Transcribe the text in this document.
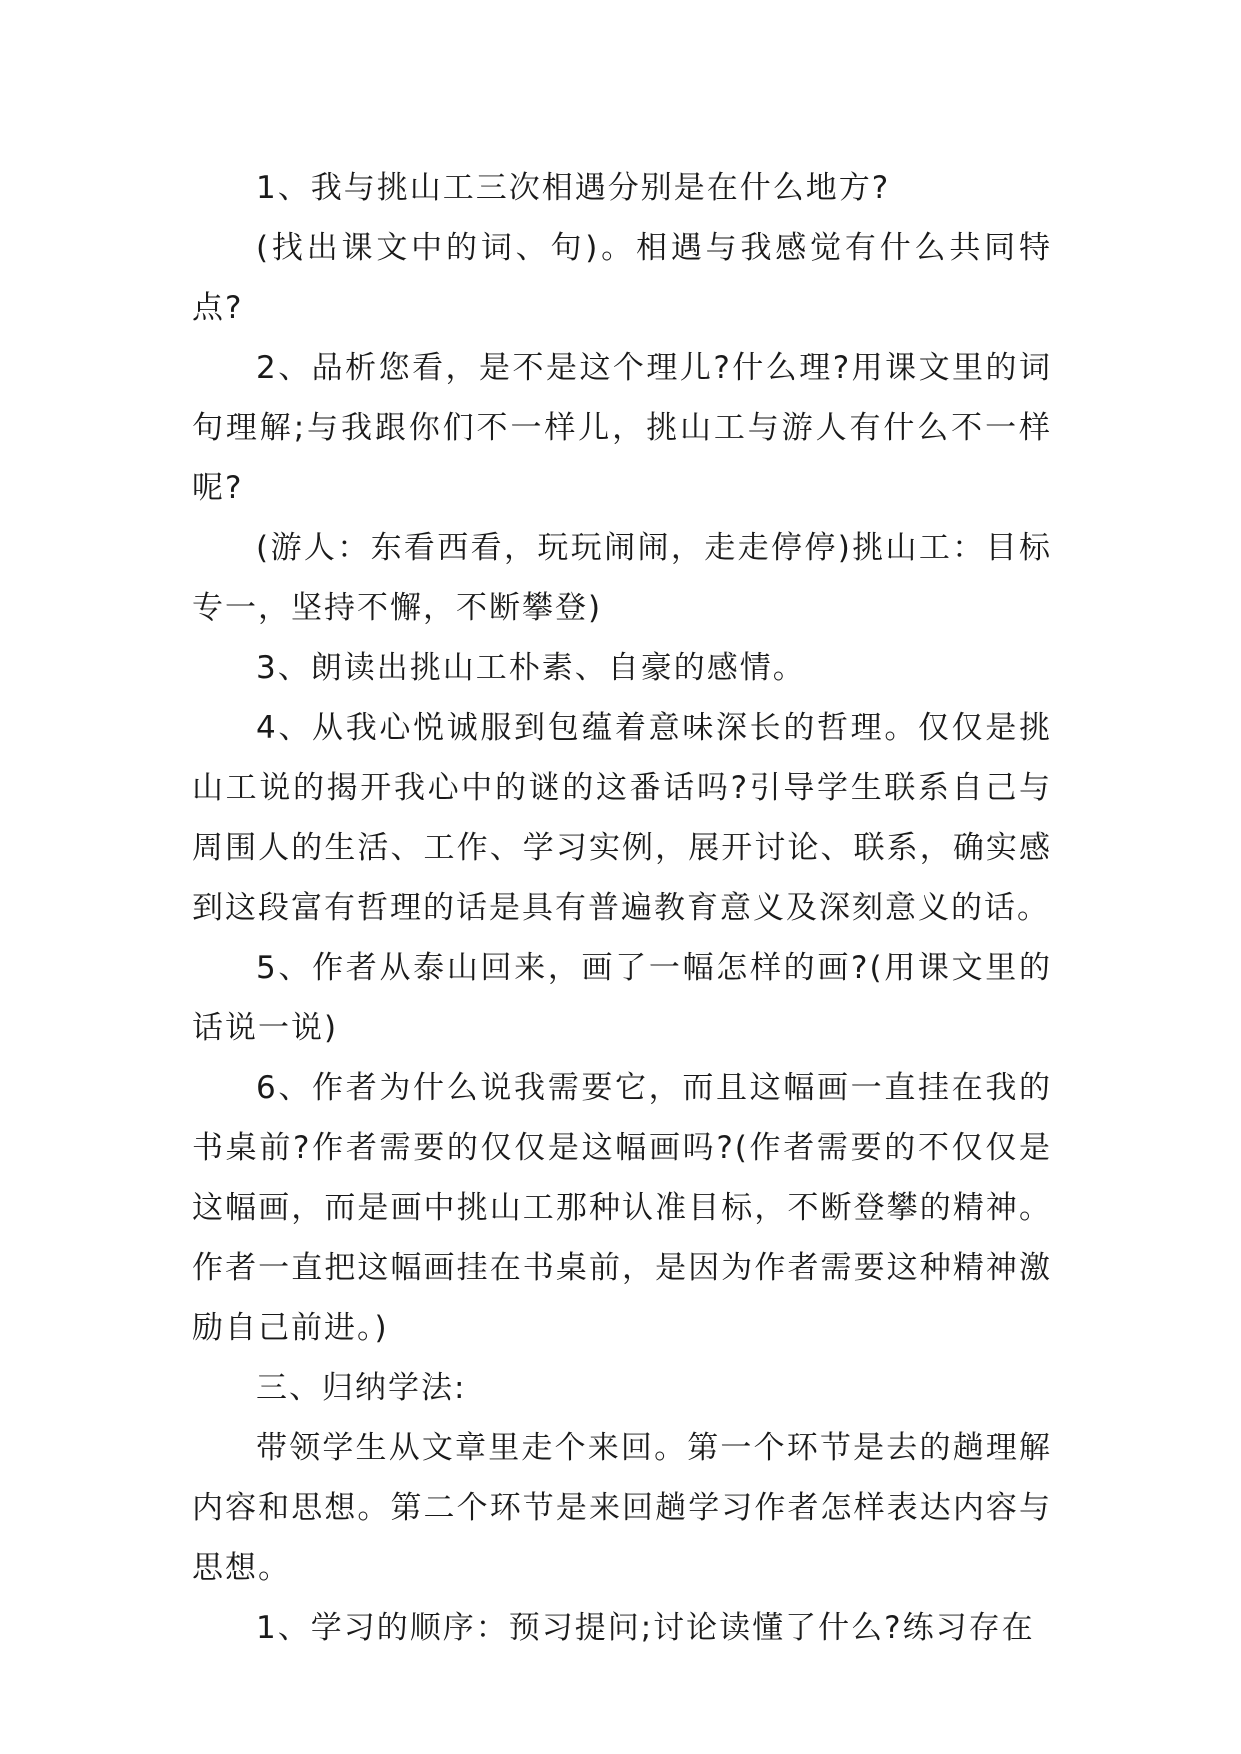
1、我与挑山工三次相遇分别是在什么地方?

(找出课文中的词、句)。相遇与我感觉有什么共同特点?

2、品析您看，是不是这个理儿?什么理?用课文里的词句理解;与我跟你们不一样儿，挑山工与游人有什么不一样呢?

(游人：东看西看，玩玩闹闹，走走停停)挑山工：目标专一，坚持不懈，不断攀登)

3、朗读出挑山工朴素、自豪的感情。

4、从我心悦诚服到包蕴着意味深长的哲理。仅仅是挑山工说的揭开我心中的谜的这番话吗?引导学生联系自己与周围人的生活、工作、学习实例，展开讨论、联系，确实感到这段富有哲理的话是具有普遍教育意义及深刻意义的话。

5、作者从泰山回来，画了一幅怎样的画?(用课文里的话说一说)

6、作者为什么说我需要它，而且这幅画一直挂在我的书桌前?作者需要的仅仅是这幅画吗?(作者需要的不仅仅是这幅画，而是画中挑山工那种认准目标，不断登攀的精神。作者一直把这幅画挂在书桌前，是因为作者需要这种精神激励自己前进。)

三、归纳学法:

带领学生从文章里走个来回。第一个环节是去的趟理解内容和思想。第二个环节是来回趟学习作者怎样表达内容与思想。

1、学习的顺序：预习提问;讨论读懂了什么?练习存在
